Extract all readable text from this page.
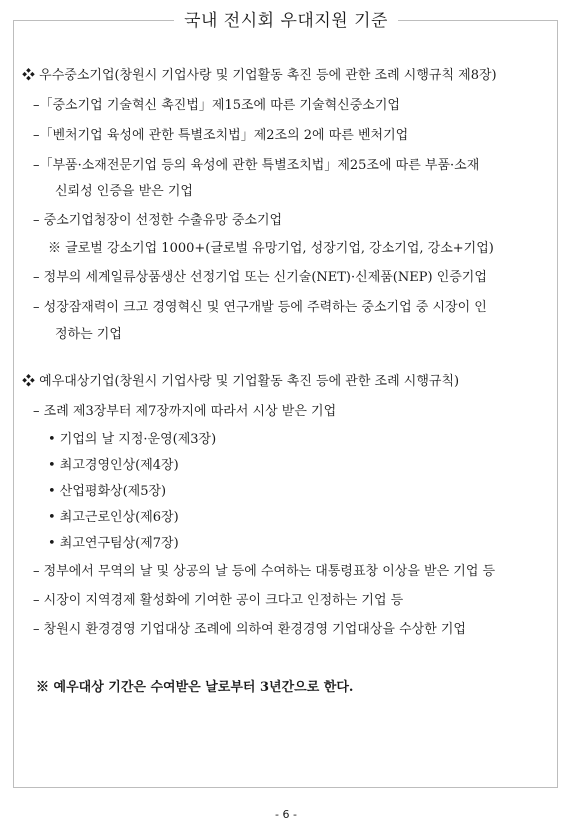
국내 전시회 우대지원 기준
❖ 우수중소기업(창원시 기업사랑 및 기업활동 촉진 등에 관한 조례 시행규칙 제8장)
–「중소기업 기술혁신 촉진법」제15조에 따른 기술혁신중소기업
–「벤처기업 육성에 관한 특별조치법」제2조의 2에 따른 벤처기업
–「부품·소재전문기업 등의 육성에 관한 특별조치법」제25조에 따른 부품·소재
신뢰성 인증을 받은 기업
– 중소기업청장이 선정한 수출유망 중소기업
※ 글로벌 강소기업 1000+(글로벌 유망기업, 성장기업, 강소기업, 강소+기업)
– 정부의 세계일류상품생산 선정기업 또는 신기술(NET)·신제품(NEP) 인증기업
– 성장잠재력이 크고 경영혁신 및 연구개발 등에 주력하는 중소기업 중 시장이 인
정하는 기업
❖ 예우대상기업(창원시 기업사랑 및 기업활동 촉진 등에 관한 조례 시행규칙)
– 조례 제3장부터 제7장까지에 따라서 시상 받은 기업
• 기업의 날 지정·운영(제3장)
• 최고경영인상(제4장)
• 산업평화상(제5장)
• 최고근로인상(제6장)
• 최고연구팀상(제7장)
– 정부에서 무역의 날 및 상공의 날 등에 수여하는 대통령표창 이상을 받은 기업 등
– 시장이 지역경제 활성화에 기여한 공이 크다고 인정하는 기업 등
– 창원시 환경경영 기업대상 조례에 의하여 환경경영 기업대상을 수상한 기업
※ 예우대상 기간은 수여받은 날로부터 3년간으로 한다.
- 6 -
